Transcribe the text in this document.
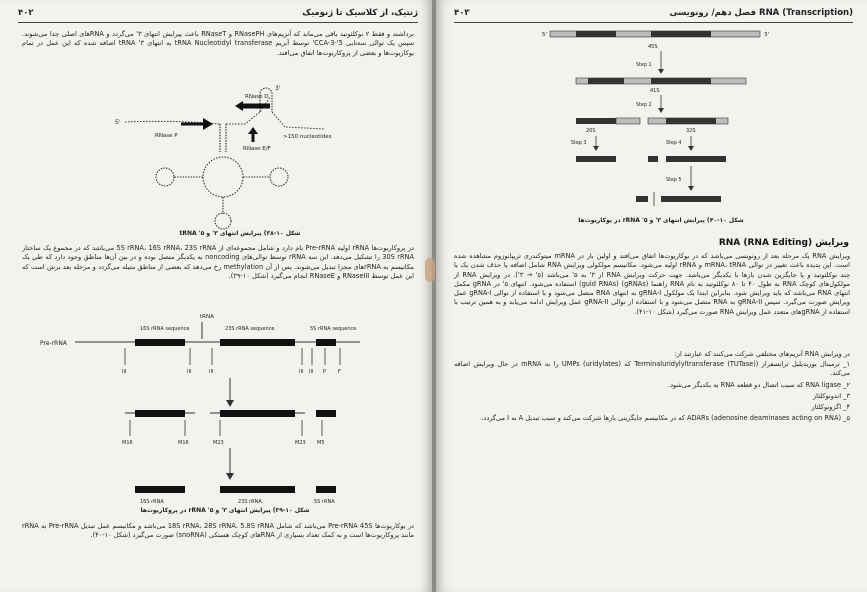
۴۰۲	ژنتیک، از کلاسیک تا ژنومیک
برداشته و فقط ۲ نوکلئوتید باقی می‌ماند که آنزیم‌های RNasePH و RNaseT باعث پیرایش انتهای ۳' می‌گردد و RNAهای اصلی جدا می‌شوند. سپس یک توالی سه‌تایی 5'-CCA-3' توسط آنزیم tRNA Nucleotidyl transferase به انتهای ۳' tRNA اضافه شده که این عمل در تمام یوکاریوت‌ها و بعضی از پروکاریوت‌ها اتفاق می‌افتد.
RNase D
RNase P
RNase E/F
>150 nucleotides
5'
3'
شکل ۱۰-۳۸) پیرایش انتهای ۳' و ۵' tRNA
در پروکاریوت‌ها rRNA اولیه Pre-rRNA نام دارد و شامل مجموعه‌ای از 5S rRNA، 16S rRNA، 23S rRNA می‌باشد که در مجموع یک ساختار 30S rRNA را تشکیل می‌دهد. این سه rRNA توسط توالی‌های noncoding به یکدیگر متصل بوده و در بین آن‌ها مناطق وجود دارد که طی یک مکانیسم به rRNAهای مجزا تبدیل می‌شوند. پس از آن methylation رخ می‌دهد که بعضی از مناطق متیله می‌گردد و مرحله بعد برش است که این عمل توسط RNaseIII و RNaseE انجام می‌گیرد (شکل ۱۰-۳۹).
Pre-rRNA
tRNA
16S rRNA sequence	23S rRNA sequence	5S rRNA sequence
III	III	III	III III P F
M16	M16	M23	M23 M5
16S rRNA	23S rRNA	5S rRNA
شکل ۱۰-۳۹) پیرایش انتهای ۳' و ۵' rRNA در پروکاریوت‌ها
در یوکاریوت‌ها Pre-rRNA 45S می‌باشد که شامل 18S rRNA، 28S rRNA، 5.8S rRNA می‌باشد و مکانیسم عمل تبدیل Pre-rRNA به rRNA مانند پروکاریوت‌ها است و به کمک تعداد بسیاری از RNAهای کوچک هستکی (snoRNA) صورت می‌گیرد (شکل ۱۰-۴۰).
۴۰۳	فصل دهم/ رونویسی RNA (Transcription)
5'	3'
45S
Step 1
41S
Step 2
20S	32S
Step 3	Step 4
Step 5
شکل ۱۰-۴۰) پیرایش انتهای ۳' و ۵' rRNA در یوکاریوت‌ها
ویرایش RNA (RNA Editing)
ویرایش RNA یک مرحله بعد از رونویسی می‌باشد که در یوکاریوت‌ها اتفاق می‌افتد و اولین بار در mRNA میتوکندری تریپانوزوم مشاهده شده است. این پدیده باعث تغییر در توالی mRNA، tRNA و rRNA اولیه می‌شود. مکانیسم مولکولی ویرایش RNA شامل اضافه یا حذف شدن یک یا چند نوکلئوتید و یا جایگزین شدن بازها با یکدیگر می‌باشد. جهت حرکت ویرایش RNA از ۳' به ۵' می‌باشد (۵' → ۳'). در ویرایش RNA از مولکول‌های کوچک RNA به طول ۴۰ تا ۸۰ نوکلئوتید به نام RNA راهنما (gRNAs) (guid RNAs) استفاده می‌شود. انتهای ۵' در gRNA مکمل انتهای RNA می‌باشد که باید ویرایش شود. بنابراین ابتدا یک مولکول gRNA-I به انتهای RNA متصل می‌شود و با استفاده از توالی gRNA-I عمل ویرایش صورت می‌گیرد. سپس gRNA-II به RNA متصل می‌شود و با استفاده از توالی gRNA-II عمل ویرایش ادامه می‌یابد و به همین ترتیب با استفاده از gRNAهای متعدد عمل ویرایش RNA صورت می‌گیرد (شکل ۱۰-۴۱).
در ویرایش RNA آنزیم‌های مختلفی شرکت می‌کنند که عبارتند از:
۱_ ترمینال یوریدیلیل ترانسفراز (Terminaluridylyltransferase (TUTase) که UMPs (uridylates) را به mRNA در حال ویرایش اضافه می‌کند.
۲_ RNA ligase که سبب اتصال دو قطعه RNA به یکدیگر می‌شود.
۳_ اندونوکلئاز
۴_ اگزونوکلئاز
۵_ ADARs (adenosine deaminases acting on RNA) که در مکانیسم جایگزینی بازها شرکت می‌کند و سبب تبدیل A به I می‌گردد.
